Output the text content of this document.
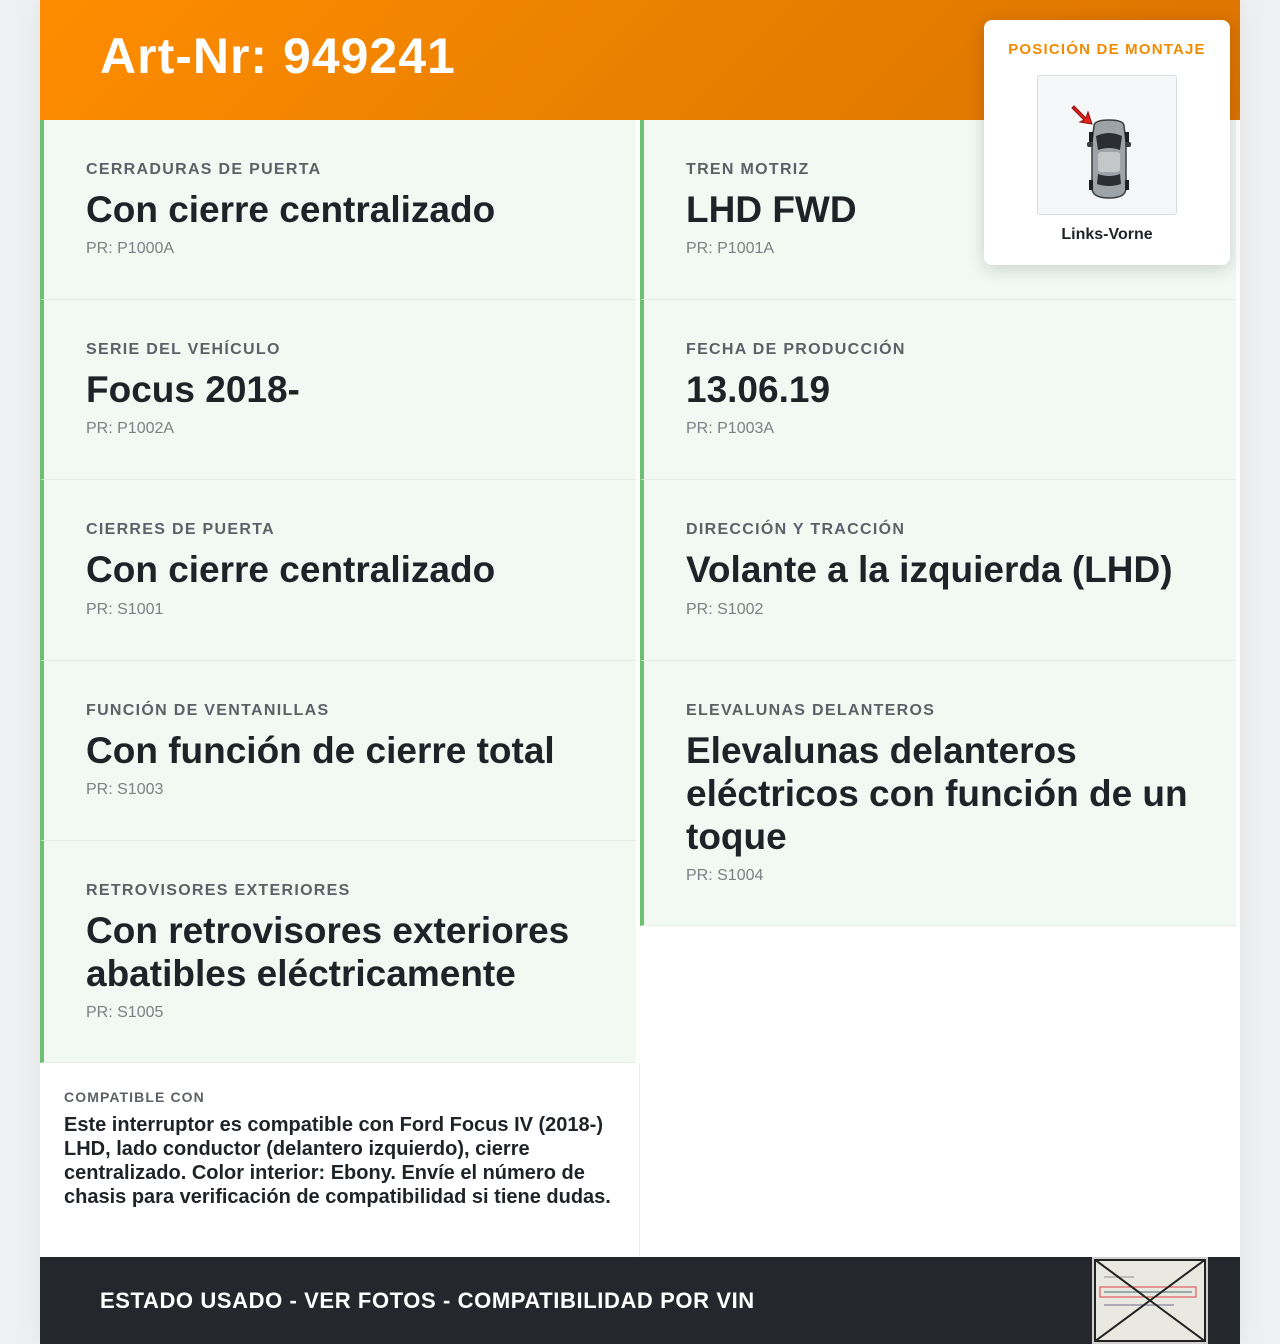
Art-Nr: 949241	POSICIÓN DE MONTAJE
Links-Vorne
CERRADURAS DE PUERTA
Con cierre centralizado
PR: P1000A
SERIE DEL VEHÍCULO
Focus 2018-
PR: P1002A
CIERRES DE PUERTA
Con cierre centralizado
PR: S1001
FUNCIÓN DE VENTANILLAS
Con función de cierre total
PR: S1003
RETROVISORES EXTERIORES
Con retrovisores exteriores abatibles eléctricamente
PR: S1005
TREN MOTRIZ
LHD FWD
PR: P1001A
FECHA DE PRODUCCIÓN
13.06.19
PR: P1003A
DIRECCIÓN Y TRACCIÓN
Volante a la izquierda (LHD)
PR: S1002
ELEVALUNAS DELANTEROS
Elevalunas delanteros eléctricos con función de un toque
PR: S1004
COMPATIBLE CON
Este interruptor es compatible con Ford Focus IV (2018-) LHD, lado conductor (delantero izquierdo), cierre centralizado. Color interior: Ebony. Envíe el número de chasis para verificación de compatibilidad si tiene dudas.
ESTADO USADO - VER FOTOS - COMPATIBILIDAD POR VIN
